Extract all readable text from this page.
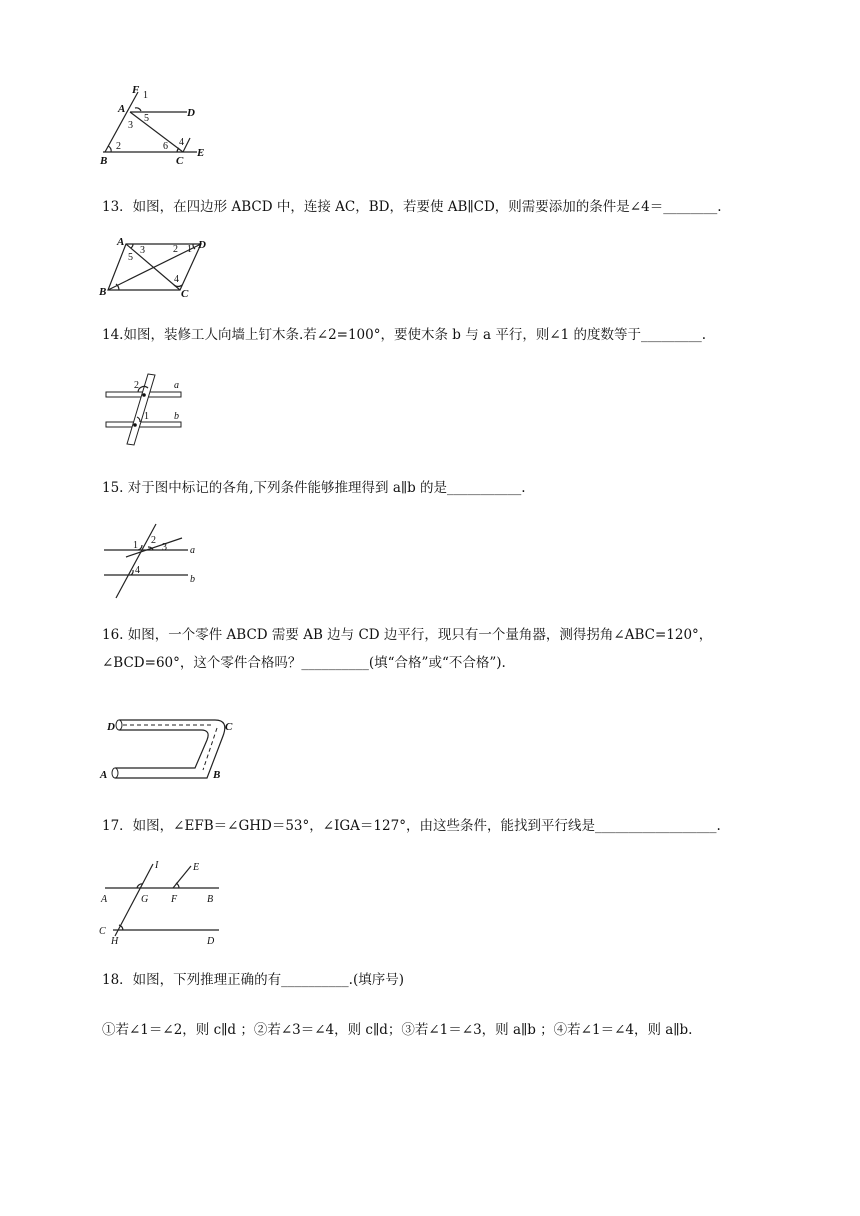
F 1
A	D
5
3
4
B
2	6
C
E

13．如图，在四边形 ABCD 中，连接 AC，BD，若要使 AB∥CD，则需要添加的条件是∠4＝________.

A
3	2 1 D
5
4
B	C

14.如图，装修工人向墙上钉木条.若∠2=100°，要使木条 b 与 a 平行，则∠1 的度数等于_________.

2	a
1	b

15. 对于图中标记的各角,下列条件能够推理得到 a∥b 的是___________.

1 2
3 a
4
b

16. 如图，一个零件 ABCD 需要 AB 边与 CD 边平行，现只有一个量角器，测得拐角∠ABC=120°，∠BCD=60°，这个零件合格吗？__________(填“合格”或“不合格”).

D	C
A	B

17．如图，∠EFB＝∠GHD＝53°，∠IGA＝127°，由这些条件，能找到平行线是__________________.

I	E
A	G F	B
C
H	D

18．如图，下列推理正确的有__________.(填序号)

①若∠1＝∠2，则 c∥d ；②若∠3＝∠4，则 c∥d；③若∠1＝∠3，则 a∥b ；④若∠1＝∠4，则 a∥b.
